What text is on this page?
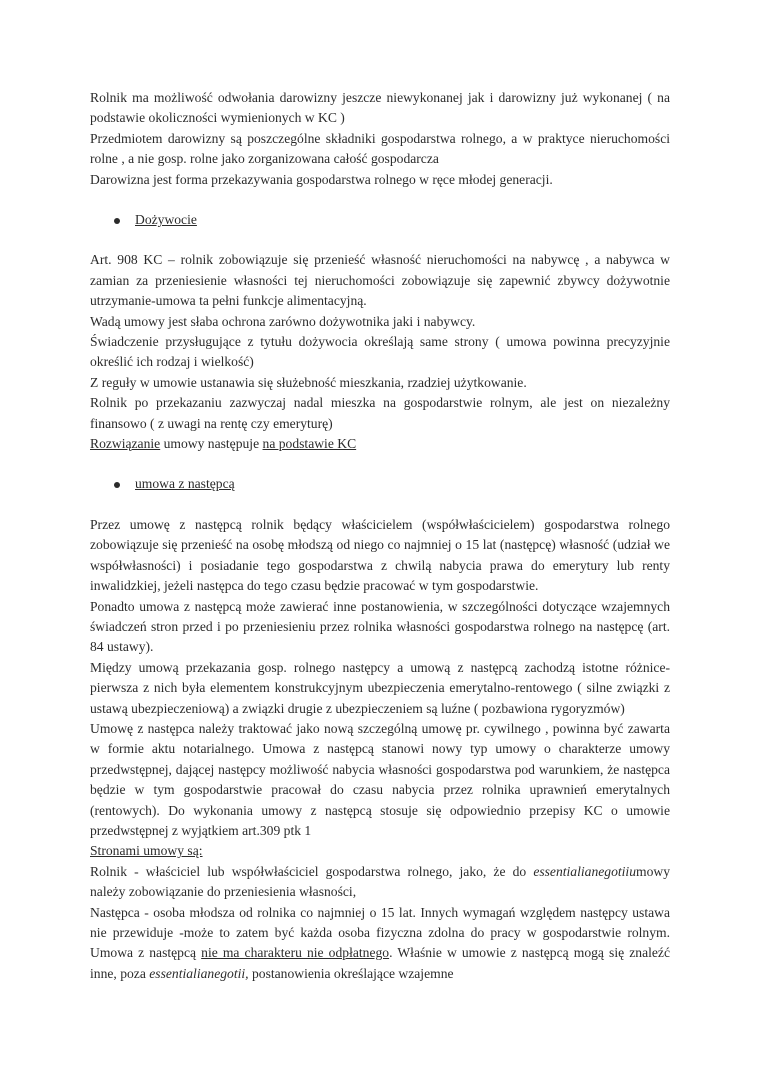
Rolnik ma możliwość odwołania darowizny jeszcze niewykonanej jak i darowizny już wykonanej ( na podstawie okoliczności wymienionych w KC )

Przedmiotem darowizny są poszczególne składniki gospodarstwa rolnego, a w praktyce nieruchomości rolne , a nie gosp. rolne jako zorganizowana całość gospodarcza

Darowizna jest forma przekazywania gospodarstwa rolnego w ręce młodej generacji.

Dożywocie

Art. 908 KC – rolnik zobowiązuje się przenieść własność nieruchomości na nabywcę , a nabywca w zamian za przeniesienie własności tej nieruchomości zobowiązuje się zapewnić zbywcy dożywotnie utrzymanie-umowa ta pełni funkcje alimentacyjną.

Wadą umowy jest słaba ochrona zarówno dożywotnika jaki i nabywcy.

Świadczenie przysługujące z tytułu dożywocia określają same strony ( umowa powinna precyzyjnie określić ich rodzaj i wielkość)

Z reguły w umowie ustanawia się służebność mieszkania, rzadziej użytkowanie.

Rolnik po przekazaniu zazwyczaj nadal mieszka na gospodarstwie rolnym, ale jest on niezależny finansowo ( z uwagi na rentę czy emeryturę)

Rozwiązanie umowy następuje na podstawie KC

umowa z następcą

Przez umowę z następcą rolnik będący właścicielem (współwłaścicielem) gospodarstwa rolnego zobowiązuje się przenieść na osobę młodszą od niego co najmniej o 15 lat (następcę) własność (udział we współwłasności) i posiadanie tego gospodarstwa z chwilą nabycia prawa do emerytury lub renty inwalidzkiej, jeżeli następca do tego czasu będzie pracować w tym gospodarstwie.

Ponadto umowa z następcą może zawierać inne postanowienia, w szczególności dotyczące wzajemnych świadczeń stron przed i po przeniesieniu przez rolnika własności gospodarstwa rolnego na następcę (art. 84 ustawy).

Między umową przekazania gosp. rolnego następcy a umową z następcą zachodzą istotne różnice- pierwsza z nich była elementem konstrukcyjnym ubezpieczenia emerytalno-rentowego ( silne związki z ustawą ubezpieczeniową) a związki drugie z ubezpieczeniem są luźne ( pozbawiona rygoryzmów)

Umowę z następca należy traktować jako nową szczególną umowę pr. cywilnego , powinna być zawarta w formie aktu notarialnego. Umowa z następcą stanowi nowy typ umowy o charakterze umowy przedwstępnej, dającej następcy możliwość nabycia własności gospodarstwa pod warunkiem, że następca będzie w tym gospodarstwie pracował do czasu nabycia przez rolnika uprawnień emerytalnych (rentowych). Do wykonania umowy z następcą stosuje się odpowiednio przepisy KC o umowie przedwstępnej z wyjątkiem art.309 ptk 1

Stronami umowy są:

Rolnik - właściciel lub współwłaściciel gospodarstwa rolnego, jako, że do essentialianegotiiumowy należy zobowiązanie do przeniesienia własności,

Następca - osoba młodsza od rolnika co najmniej o 15 lat. Innych wymagań względem następcy ustawa nie przewiduje -może to zatem być każda osoba fizyczna zdolna do pracy w gospodarstwie rolnym. Umowa z następcą nie ma charakteru nie odpłatnego. Właśnie w umowie z następcą mogą się znaleźć inne, poza essentialianegotii, postanowienia określające wzajemne
